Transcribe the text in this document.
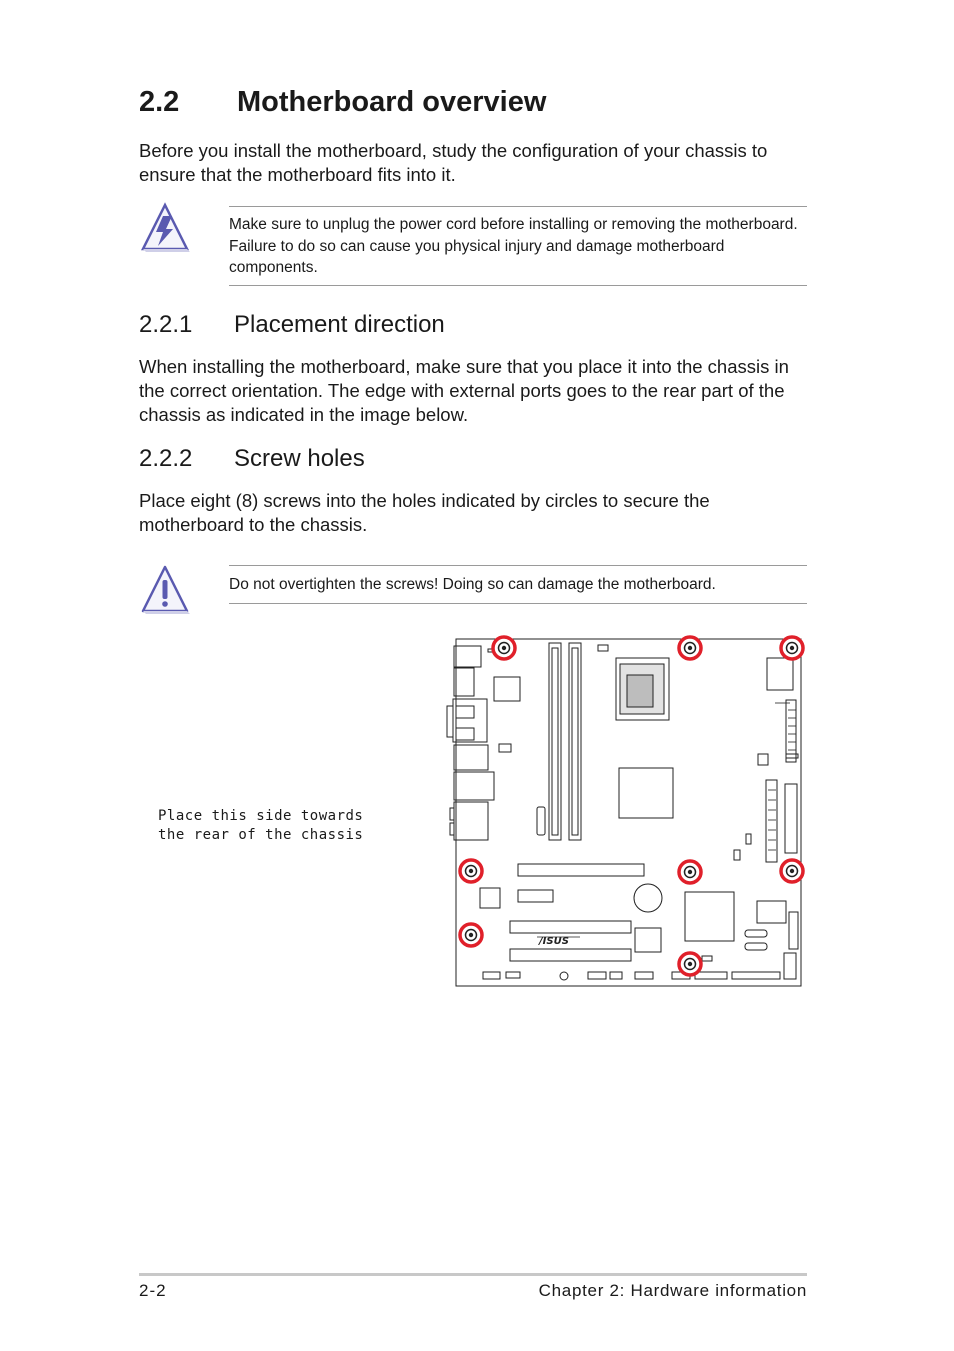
2.2 Motherboard overview

Before you install the motherboard, study the configuration of your chassis to ensure that the motherboard fits into it.

Make sure to unplug the power cord before installing or removing the motherboard. Failure to do so can cause you physical injury and damage motherboard components.

2.2.1 Placement direction

When installing the motherboard, make sure that you place it into the chassis in the correct orientation. The edge with external ports goes to the rear part of the chassis as indicated in the image below.

2.2.2 Screw holes

Place eight (8) screws into the holes indicated by circles to secure the motherboard to the chassis.

Do not overtighten the screws! Doing so can damage the motherboard.

Place this side towards
the rear of the chassis
/ISUS
2-2	Chapter 2: Hardware information
